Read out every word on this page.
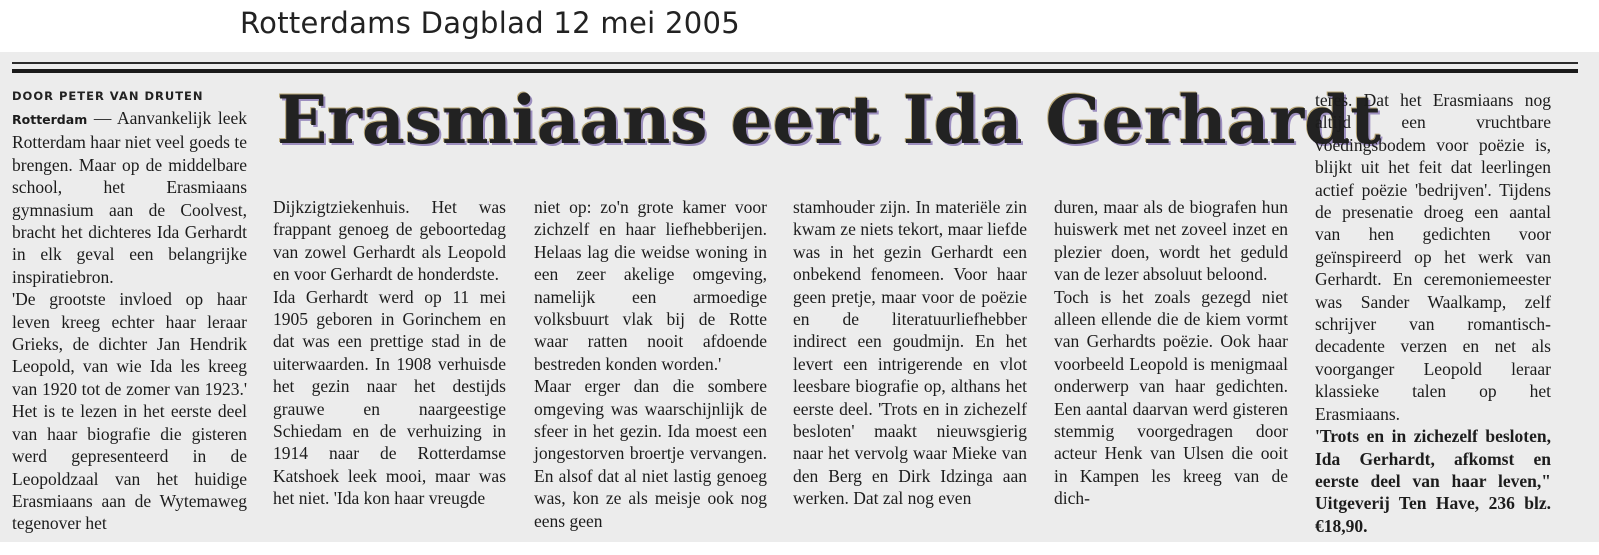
Rotterdams Dagblad 12 mei 2005
DOOR PETER VAN DRUTEN Erasmiaans eert Ida Gerhardt
Rotterdam — Aanvankelijk leek Rotterdam haar niet veel goeds te brengen. Maar op de middelbare school, het Erasmiaans gymnasium aan de Coolvest, bracht het dichteres Ida Gerhardt in elk geval een belangrijke inspiratiebron.
'De grootste invloed op haar leven kreeg echter haar leraar Grieks, de dichter Jan Hendrik Leopold, van wie Ida les kreeg van 1920 tot de zomer van 1923.' Het is te lezen in het eerste deel van haar biografie die gisteren werd gepresenteerd in de Leopoldzaal van het huidige Erasmiaans aan de Wytemaweg tegenover het
Dijkzigtziekenhuis. Het was frappant genoeg de geboortedag van zowel Gerhardt als Leopold en voor Gerhardt de honderdste.
Ida Gerhardt werd op 11 mei 1905 geboren in Gorinchem en dat was een prettige stad in de uiterwaarden. In 1908 verhuisde het gezin naar het destijds grauwe en naargeestige Schiedam en de verhuizing in 1914 naar de Rotterdamse Katshoek leek mooi, maar was het niet. 'Ida kon haar vreugde
niet op: zo'n grote kamer voor zichzelf en haar liefhebberijen. Helaas lag die weidse woning in een zeer akelige omgeving, namelijk een armoedige volksbuurt vlak bij de Rotte waar ratten nooit afdoende bestreden konden worden.'
Maar erger dan die sombere omgeving was waarschijnlijk de sfeer in het gezin. Ida moest een jongestorven broertje vervangen. En alsof dat al niet lastig genoeg was, kon ze als meisje ook nog eens geen
stamhouder zijn. In materiële zin kwam ze niets tekort, maar liefde was in het gezin Gerhardt een onbekend fenomeen. Voor haar geen pretje, maar voor de poëzie en de literatuurliefhebber indirect een goudmijn. En het levert een intrigerende en vlot leesbare biografie op, althans het eerste deel. 'Trots en in zichezelf besloten' maakt nieuwsgierig naar het vervolg waar Mieke van den Berg en Dirk Idzinga aan werken. Dat zal nog even
duren, maar als de biografen hun huiswerk met net zoveel inzet en plezier doen, wordt het geduld van de lezer absoluut beloond.
Toch is het zoals gezegd niet alleen ellende die de kiem vormt van Gerhardts poëzie. Ook haar voorbeeld Leopold is menigmaal onderwerp van haar gedichten. Een aantal daarvan werd gisteren stemmig voorgedragen door acteur Henk van Ulsen die ooit in Kampen les kreeg van de dich-
teres. Dat het Erasmiaans nog altijd een vruchtbare voedingsbodem voor poëzie is, blijkt uit het feit dat leerlingen actief poëzie 'bedrijven'. Tijdens de presenatie droeg een aantal van hen gedichten voor geïnspireerd op het werk van Gerhardt. En ceremoniemeester was Sander Waalkamp, zelf schrijver van romantisch-decadente verzen en net als voorganger Leopold leraar klassieke talen op het Erasmiaans.
'Trots en in zichezelf besloten, Ida Gerhardt, afkomst en eerste deel van haar leven," Uitgeverij Ten Have, 236 blz. €18,90.
